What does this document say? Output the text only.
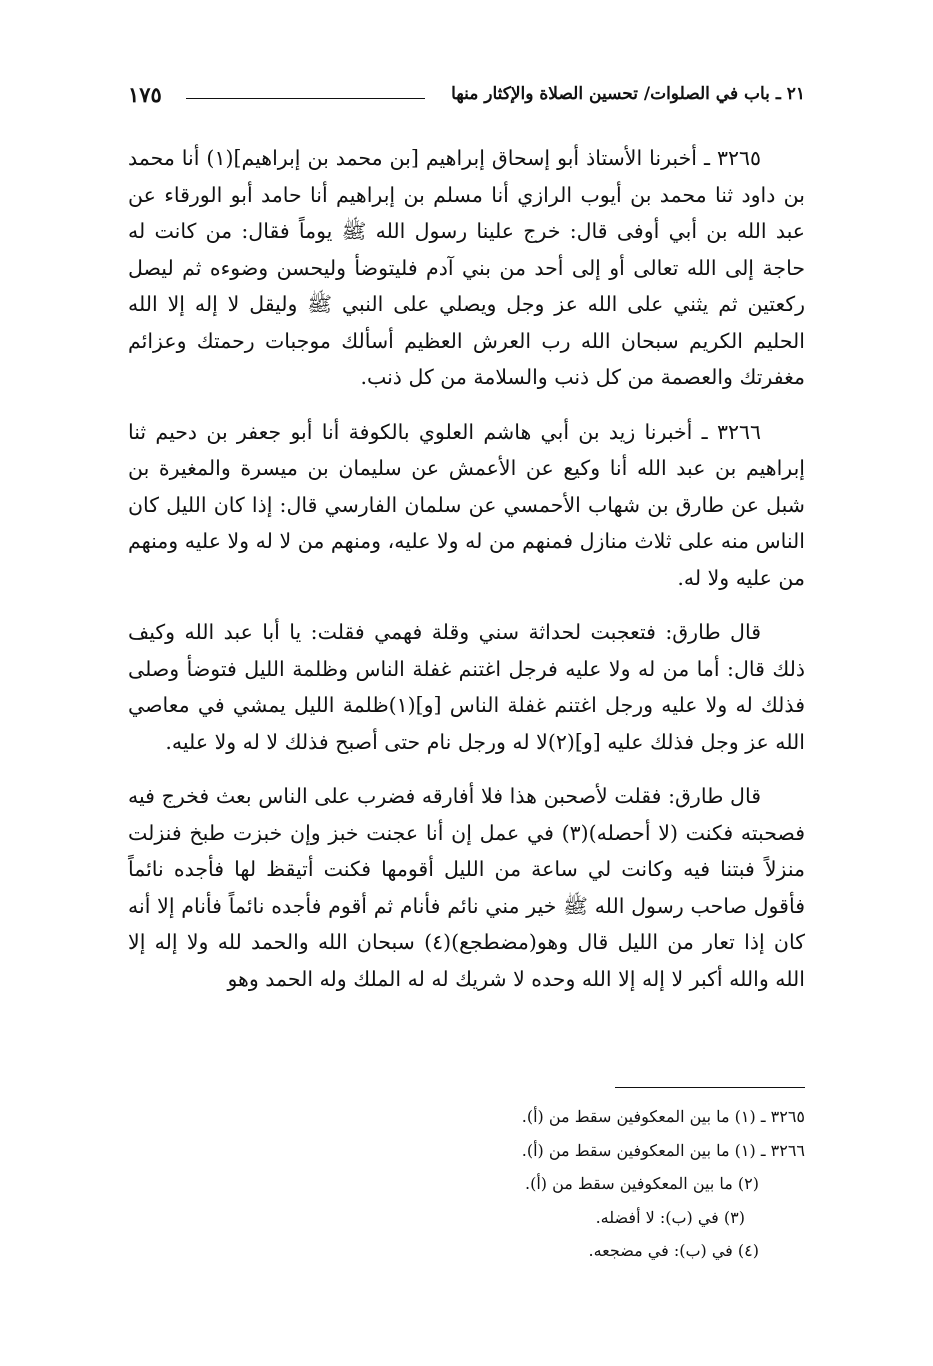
٢١ ـ باب في الصلوات/ تحسين الصلاة والإكثار منها
١٧٥

٣٢٦٥ ـ أخبرنا الأستاذ أبو إسحاق إبراهيم [بن محمد بن إبراهيم](١) أنا محمد بن داود ثنا محمد بن أيوب الرازي أنا مسلم بن إبراهيم أنا حامد أبو الورقاء عن عبد الله بن أبي أوفى قال: خرج علينا رسول الله ﷺ يوماً فقال: من كانت له حاجة إلى الله تعالى أو إلى أحد من بني آدم فليتوضأ وليحسن وضوءه ثم ليصل ركعتين ثم يثني على الله عز وجل ويصلي على النبي ﷺ وليقل لا إله إلا الله الحليم الكريم سبحان الله رب العرش العظيم أسألك موجبات رحمتك وعزائم مغفرتك والعصمة من كل ذنب والسلامة من كل ذنب.

٣٢٦٦ ـ أخبرنا زيد بن أبي هاشم العلوي بالكوفة أنا أبو جعفر بن دحيم ثنا إبراهيم بن عبد الله أنا وكيع عن الأعمش عن سليمان بن ميسرة والمغيرة بن شبل عن طارق بن شهاب الأحمسي عن سلمان الفارسي قال: إذا كان الليل كان الناس منه على ثلاث منازل فمنهم من له ولا عليه، ومنهم من لا له ولا عليه ومنهم من عليه ولا له.

قال طارق: فتعجبت لحداثة سني وقلة فهمي فقلت: يا أبا عبد الله وكيف ذلك قال: أما من له ولا عليه فرجل اغتنم غفلة الناس وظلمة الليل فتوضأ وصلى فذلك له ولا عليه ورجل اغتنم غفلة الناس [و](١)ظلمة الليل يمشي في معاصي الله عز وجل فذلك عليه [و](٢)لا له ورجل نام حتى أصبح فذلك لا له ولا عليه.

قال طارق: فقلت لأصحبن هذا فلا أفارقه فضرب على الناس بعث فخرج فيه فصحبته فكنت (لا أحصله)(٣) في عمل إن أنا عجنت خبز وإن خبزت طبخ فنزلت منزلاً فبتنا فيه وكانت لي ساعة من الليل أقومها فكنت أتيقظ لها فأجده نائماً فأقول صاحب رسول الله ﷺ خير مني نائم فأنام ثم أقوم فأجده نائماً فأنام إلا أنه كان إذا تعار من الليل قال وهو(مضطجع)(٤) سبحان الله والحمد لله ولا إله إلا الله والله أكبر لا إله إلا الله وحده لا شريك له له الملك وله الحمد وهو

٣٢٦٥ ـ (١) ما بين المعكوفين سقط من (أ).

٣٢٦٦ ـ (١) ما بين المعكوفين سقط من (أ).

(٢) ما بين المعكوفين سقط من (أ).

(٣) في (ب): لا أفضله.

(٤) في (ب): في مضجعه.
